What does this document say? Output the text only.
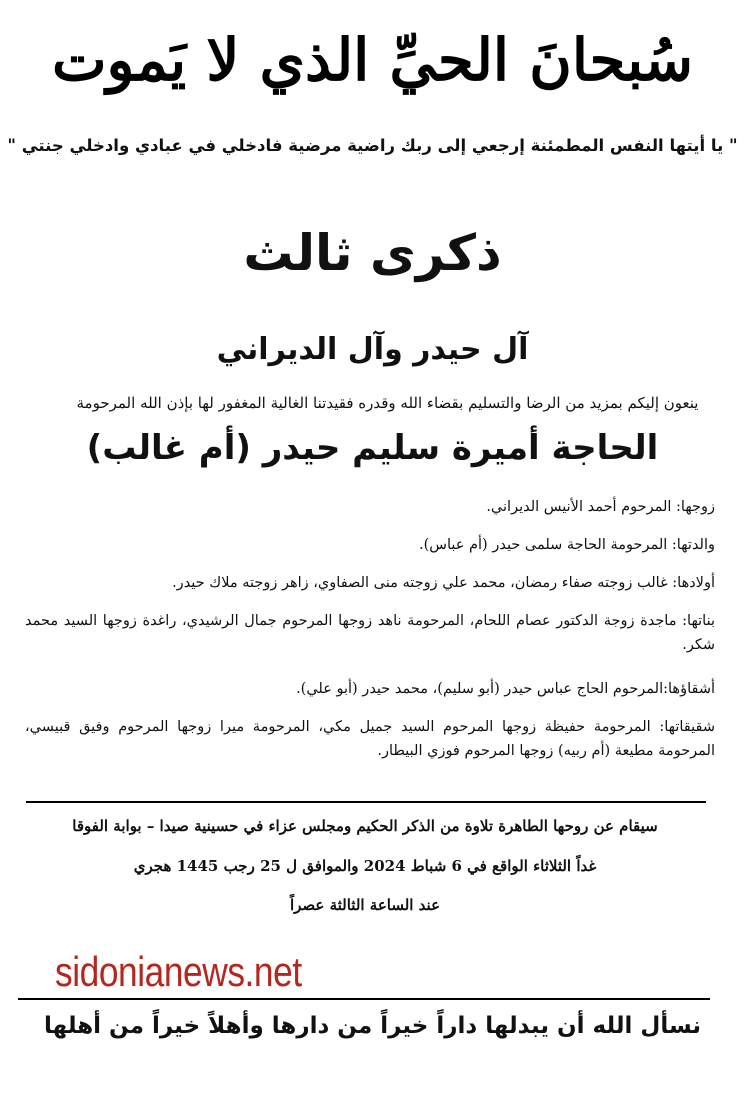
سُبحانَ الحيِّ الذي لا يَموت
" يا أيتها النفس المطمئنة إرجعي إلى ربك راضية مرضية فادخلي في عبادي وادخلي جنتي "
ذكرى ثالث
آل حيدر وآل الديراني
ينعون إليكم بمزيد من الرضا والتسليم بقضاء الله وقدره فقيدتنا الغالية المغفور لها بإذن الله المرحومة
الحاجة أميرة سليم حيدر (أم غالب)
زوجها: المرحوم أحمد الأنيس الديراني.
والدتها: المرحومة الحاجة سلمى حيدر (أم عباس).
أولادها: غالب زوجته صفاء رمضان، محمد علي زوجته منى الصفاوي، زاهر زوجته ملاك حيدر.
بناتها: ماجدة زوجة الدكتور عصام اللحام، المرحومة ناهد زوجها المرحوم جمال الرشيدي، راغدة زوجها السيد محمد شكر.
أشقاؤها:المرحوم الحاج عباس حيدر (أبو سليم)، محمد حيدر (أبو علي).
شقيقاتها: المرحومة حفيظة زوجها المرحوم السيد جميل مكي، المرحومة ميرا زوجها المرحوم وفيق قبيسي، المرحومة مطيعة (أم ربيه) زوجها المرحوم فوزي البيطار.
سيقام عن روحها الطاهرة تلاوة من الذكر الحكيم ومجلس عزاء في حسينية صيدا – بوابة الفوقا
غداً الثلاثاء الواقع في 6 شباط 2024 والموافق ل 25 رجب 1445 هجري
عند الساعة الثالثة عصراً
sidonianews.net
نسأل الله أن يبدلها داراً خيراً من دارها وأهلاً خيراً من أهلها
